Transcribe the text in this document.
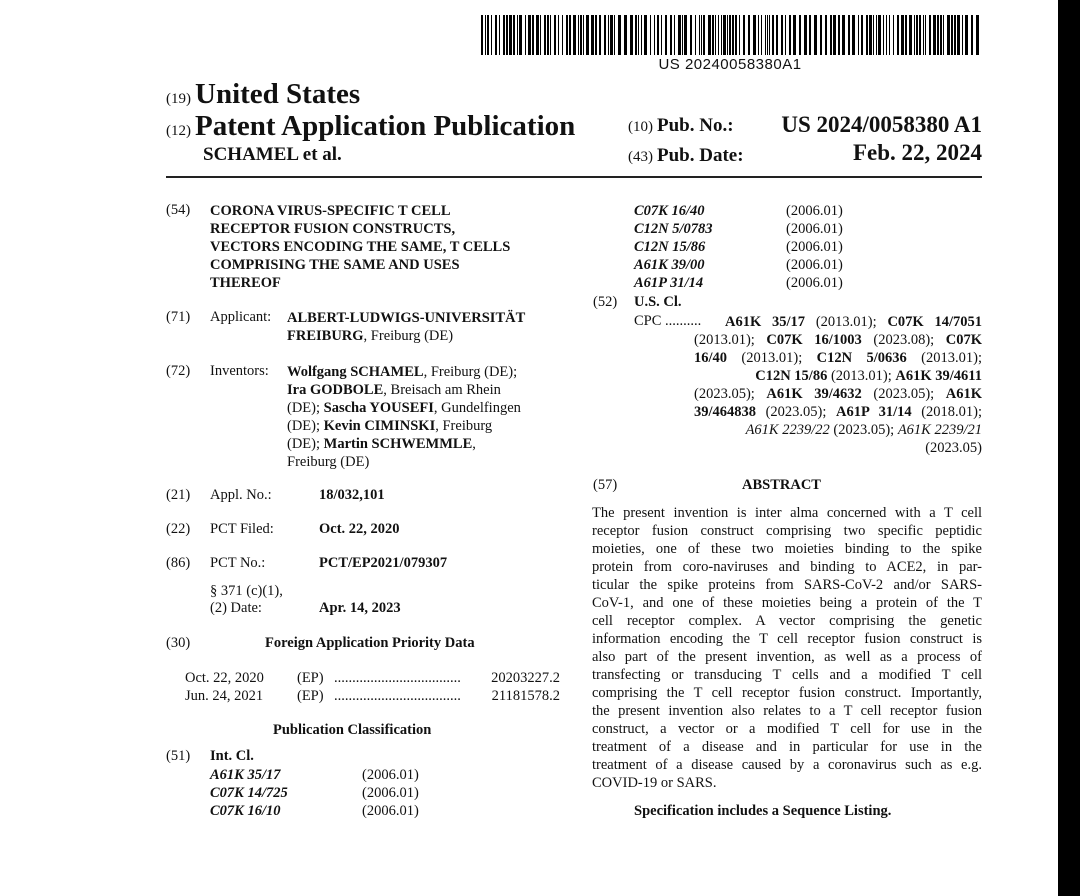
US 20240058380A1
(19) United States
(12) Patent Application Publication
SCHAMEL et al.
(10) Pub. No.: US 2024/0058380 A1
(43) Pub. Date:	Feb. 22, 2024
(54) CORONA VIRUS-SPECIFIC T CELL
RECEPTOR FUSION CONSTRUCTS,
VECTORS ENCODING THE SAME, T CELLS
COMPRISING THE SAME AND USES
THEREOF
(71) Applicant: ALBERT-LUDWIGS-UNIVERSITÄT
FREIBURG, Freiburg (DE)
(72) Inventors: Wolfgang SCHAMEL, Freiburg (DE);
Ira GODBOLE, Breisach am Rhein
(DE); Sascha YOUSEFI, Gundelfingen
(DE); Kevin CIMINSKI, Freiburg
(DE); Martin SCHWEMMLE,
Freiburg (DE)
(21) Appl. No.:	18/032,101
(22) PCT Filed:	Oct. 22, 2020
(86) PCT No.:	PCT/EP2021/079307
§ 371 (c)(1),
(2) Date:	Apr. 14, 2023
(30)	Foreign Application Priority Data
Oct. 22, 2020 (EP) ................................... 20203227.2
Jun. 24, 2021 (EP) ................................... 21181578.2
Publication Classification
(51) Int. Cl.
A61K 35/17	(2006.01)
C07K 14/725	(2006.01)
C07K 16/10	(2006.01)
C07K 16/40	(2006.01)
C12N 5/0783	(2006.01)
C12N 15/86	(2006.01)
A61K 39/00	(2006.01)
A61P 31/14	(2006.01)
(52) U.S. Cl.
CPC ..........	A61K 35/17 (2013.01); C07K 14/7051
(2013.01); C07K 16/1003 (2023.08); C07K
16/40 (2013.01); C12N 5/0636 (2013.01);
C12N 15/86 (2013.01); A61K 39/4611
(2023.05); A61K 39/4632 (2023.05); A61K
39/464838 (2023.05); A61P 31/14 (2018.01);
A61K 2239/22 (2023.05); A61K 2239/21
(2023.05)
(57)	ABSTRACT
The present invention is inter alma concerned with a T cell
receptor fusion construct comprising two specific peptidic
moieties, one of these two moieties binding to the spike
protein from coro-naviruses and binding to ACE2, in par-
ticular the spike proteins from SARS-CoV-2 and/or SARS-
CoV-1, and one of these moieties being a protein of the T
cell receptor complex. A vector comprising the genetic
information encoding the T cell receptor fusion construct is
also part of the present invention, as well as a process of
transfecting or transducing T cells and a modified T cell
comprising the T cell receptor fusion construct. Importantly,
the present invention also relates to a T cell receptor fusion
construct, a vector or a modified T cell for use in the
treatment of a disease and in particular for use in the
treatment of a disease caused by a coronavirus such as e.g.
COVID-19 or SARS.
Specification includes a Sequence Listing.
